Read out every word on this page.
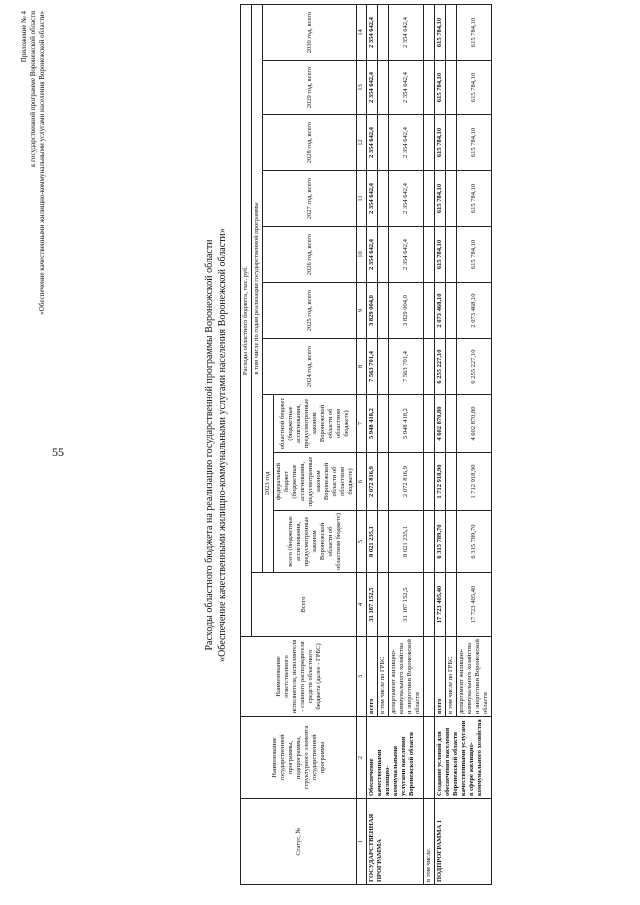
55
Приложение № 4 к государственной программе Воронежской области «Обеспечение качественными жилищно-коммунальными услугами населения Воронежской области»
Расходы областного бюджета на реализацию государственной программы Воронежской области «Обеспечение качественными жилищно-коммунальными услугами населения Воронежской области»
Статус, №	Наименование государственной программы, подпрограммы, структурного элемента государственной программы	Наименование ответственного исполнителя, исполнителя - главного распорядителя средств областного бюджета (далее - ГРБС)	Расходы областного бюджета, тыс. руб.										
			Всего	в том числе по годам реализации государственной программы									
				2023 год			2024 год, всего	2025 год, всего	2026 год, всего	2027 год, всего	2028 год, всего	2029 год, всего	2030 год, всего
				всего (бюджетные ассигнования, предусмотренные законом Воронежской области об областном бюджете)	федеральный бюджет (бюджетные ассигнования, предусмотренные законом Воронежской области об областном бюджете)	областной бюджет (бюджетные ассигнования, предусмотренные законом Воронежской области об областном бюджете)							
1	2	3	4	5	6	7	8	9	10	11	12	13	14
ГОСУДАРСТВЕННАЯ ПРОГРАММА	Обеспечение качественными жилищно-коммунальными услугами населения Воронежской области	всего	31 187 152,5	8 021 235,1	2 072 816,9	5 948 418,2	7 563 701,4	3 829 004,0	2 354 642,4	2 354 642,4	2 354 642,4	2 354 642,4	2 354 642,4
		в том числе по ГРБС											
		департамент жилищно-коммунального хозяйства и энергетики Воронежской области	31 187 152,5	8 021 235,1	2 072 816,9	5 948 418,2	7 563 701,4	3 829 004,0	2 354 642,4	2 354 642,4	2 354 642,4	2 354 642,4	2 354 642,4
в том числе:													
ПОДПРОГРАММА 1	Создание условий для обеспечения населения Воронежской области качественными услугами в сфере жилищно-коммунального хозяйства	всего	17 723 405,40	6 315 789,70	1 712 918,90	4 602 870,80	6 255 227,10	2 073 468,10	615 784,10	615 784,10	615 784,10	615 784,10	615 784,10
		в том числе по ГРБС											
		департамент жилищно-коммунального хозяйства и энергетики Воронежской области	17 723 405,40	6 315 789,70	1 712 918,90	4 602 870,80	6 255 227,10	2 073 468,10	615 784,10	615 784,10	615 784,10	615 784,10	615 784,10
